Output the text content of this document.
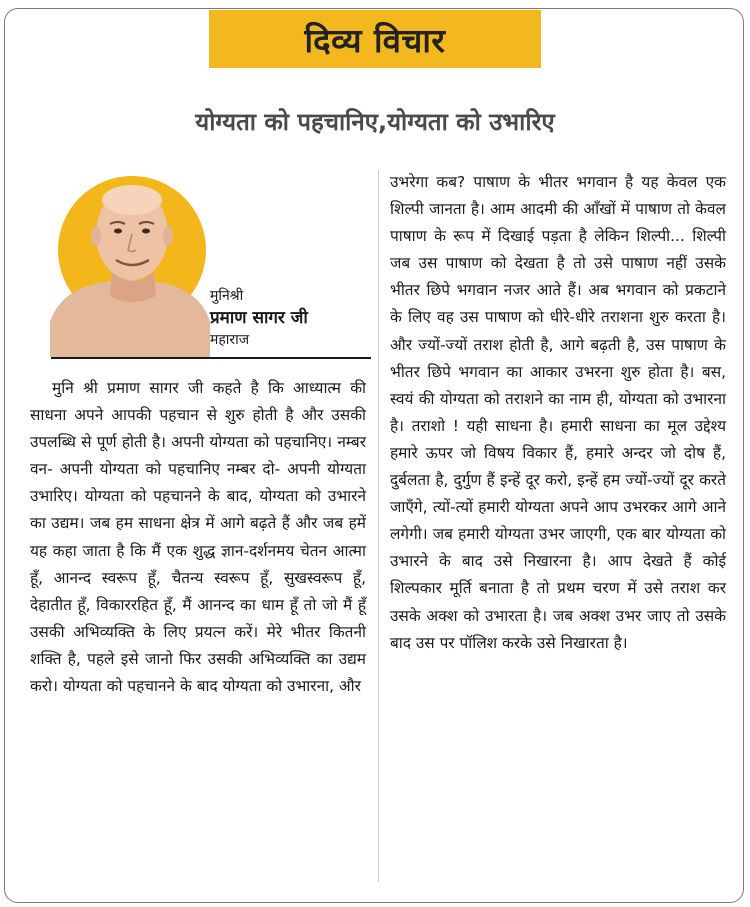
दिव्य विचार
योग्यता को पहचानिए,योग्यता को उभारिए
मुनिश्री
प्रमाण सागर जी
महाराज
मुनि श्री प्रमाण सागर जी कहते है कि आध्यात्म की साधना अपने आपकी पहचान से शुरु होती है और उसकी उपलब्धि से पूर्ण होती है। अपनी योग्यता को पहचानिए। नम्बर वन- अपनी योग्यता को पहचानिए नम्बर दो- अपनी योग्यता उभारिए। योग्यता को पहचानने के बाद, योग्यता को उभारने का उद्यम। जब हम साधना क्षेत्र में आगे बढ़ते हैं और जब हमें यह कहा जाता है कि मैं एक शुद्ध ज्ञान-दर्शनमय चेतन आत्मा हूँ, आनन्द स्वरूप हूँ, चैतन्य स्वरूप हूँ, सुखस्वरूप हूँ, देहातीत हूँ, विकाररहित हूँ, मैं आनन्द का धाम हूँ तो जो मैं हूँ उसकी अभिव्यक्ति के लिए प्रयत्न करें। मेरे भीतर कितनी शक्ति है, पहले इसे जानो फिर उसकी अभिव्यक्ति का उद्यम करो। योग्यता को पहचानने के बाद योग्यता को उभारना, और
उभरेगा कब? पाषाण के भीतर भगवान है यह केवल एक शिल्पी जानता है। आम आदमी की आँखों में पाषाण तो केवल पाषाण के रूप में दिखाई पड़ता है लेकिन शिल्पी... शिल्पी जब उस पाषाण को देखता है तो उसे पाषाण नहीं उसके भीतर छिपे भगवान नजर आते हैं। अब भगवान को प्रकटाने के लिए वह उस पाषाण को धीरे-धीरे तराशना शुरु करता है। और ज्यों-ज्यों तराश होती है, आगे बढ़ती है, उस पाषाण के भीतर छिपे भगवान का आकार उभरना शुरु होता है। बस, स्वयं की योग्यता को तराशने का नाम ही, योग्यता को उभारना है। तराशो ! यही साधना है। हमारी साधना का मूल उद्देश्य हमारे ऊपर जो विषय विकार हैं, हमारे अन्दर जो दोष हैं, दुर्बलता है, दुर्गुण हैं इन्हें दूर करो, इन्हें हम ज्यों-ज्यों दूर करते जाएँगे, त्यों-त्यों हमारी योग्यता अपने आप उभरकर आगे आने लगेगी। जब हमारी योग्यता उभर जाएगी, एक बार योग्यता को उभारने के बाद उसे निखारना है। आप देखते हैं कोई शिल्पकार मूर्ति बनाता है तो प्रथम चरण में उसे तराश कर उसके अक्श को उभारता है। जब अक्श उभर जाए तो उसके बाद उस पर पॉलिश करके उसे निखारता है।
